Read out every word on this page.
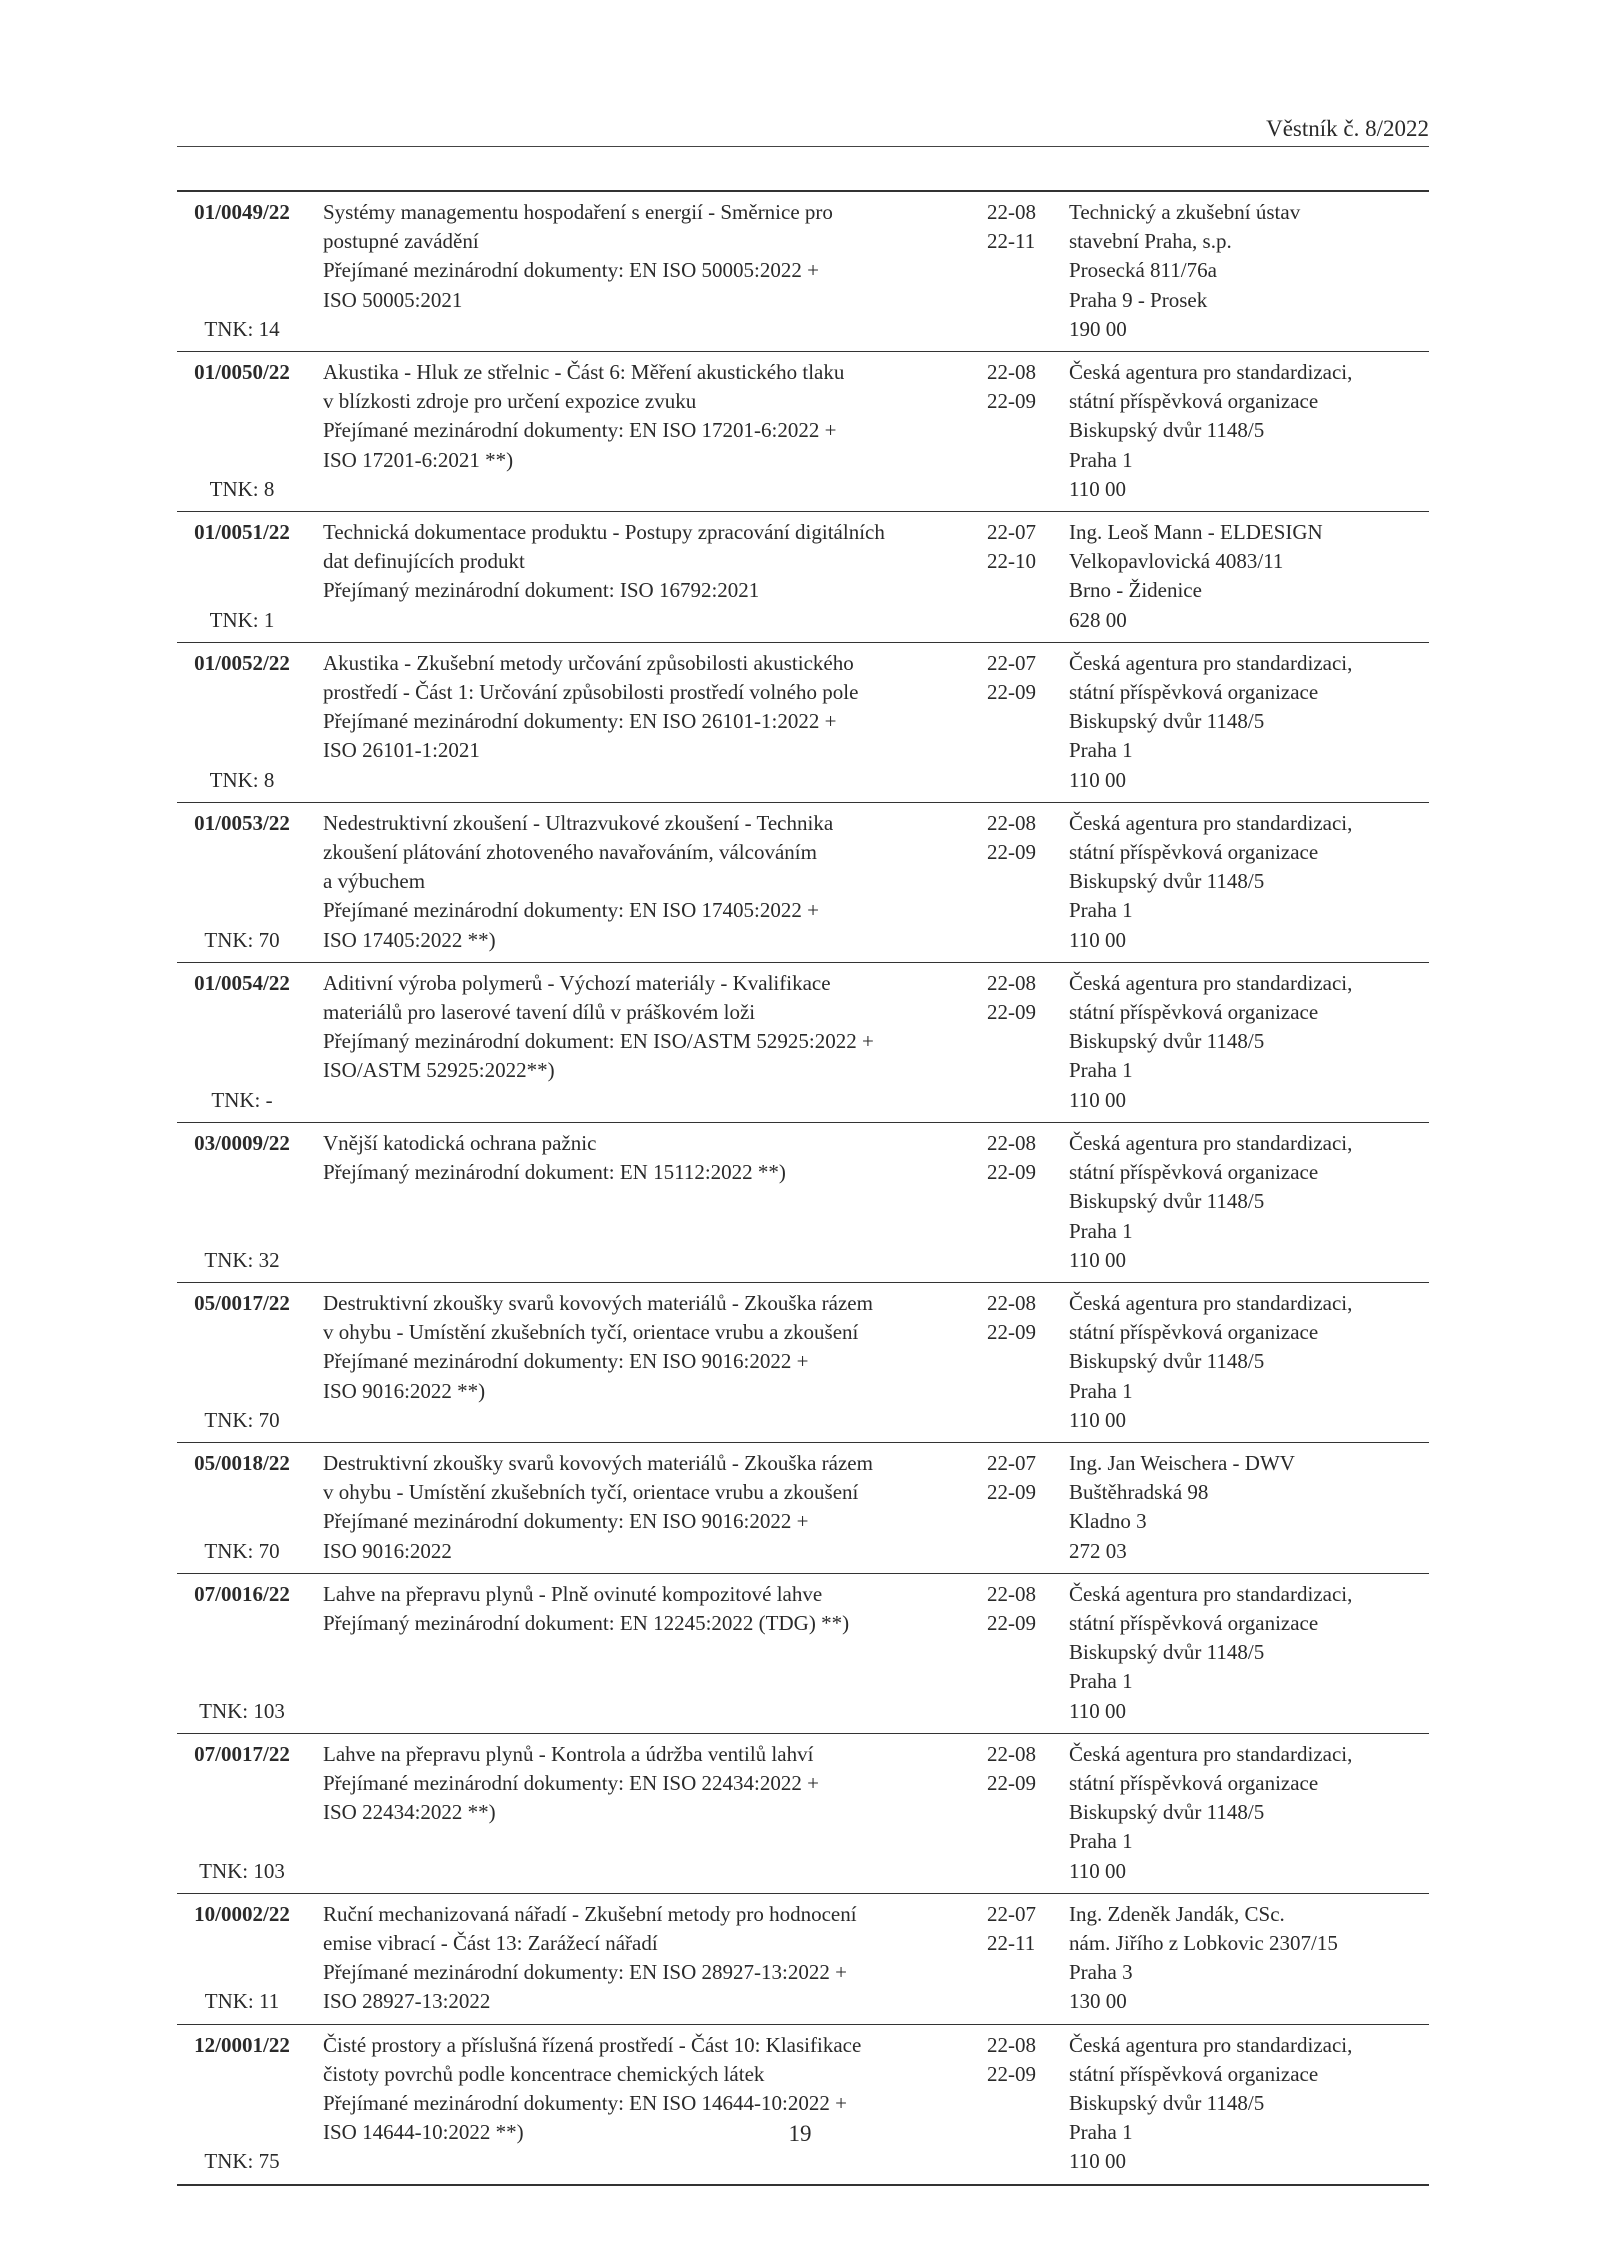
Věstník č. 8/2022
01/0049/22
TNK: 14
Systémy managementu hospodaření s energií - Směrnice pro
postupné zavádění
Přejímané mezinárodní dokumenty: EN ISO 50005:2022 +
ISO 50005:2021
22-08
22-11
Technický a zkušební ústav
stavební Praha, s.p.
Prosecká 811/76a
Praha 9 - Prosek
190 00
01/0050/22
TNK: 8
Akustika - Hluk ze střelnic - Část 6: Měření akustického tlaku
v blízkosti zdroje pro určení expozice zvuku
Přejímané mezinárodní dokumenty: EN ISO 17201-6:2022 +
ISO 17201-6:2021 **)
22-08
22-09
Česká agentura pro standardizaci,
státní příspěvková organizace
Biskupský dvůr 1148/5
Praha 1
110 00
01/0051/22
TNK: 1
Technická dokumentace produktu - Postupy zpracování digitálních
dat definujících produkt
Přejímaný mezinárodní dokument: ISO 16792:2021
22-07
22-10
Ing. Leoš Mann - ELDESIGN
Velkopavlovická 4083/11
Brno - Židenice
628 00
01/0052/22
TNK: 8
Akustika - Zkušební metody určování způsobilosti akustického
prostředí - Část 1: Určování způsobilosti prostředí volného pole
Přejímané mezinárodní dokumenty: EN ISO 26101-1:2022 +
ISO 26101-1:2021
22-07
22-09
Česká agentura pro standardizaci,
státní příspěvková organizace
Biskupský dvůr 1148/5
Praha 1
110 00
01/0053/22
TNK: 70
Nedestruktivní zkoušení - Ultrazvukové zkoušení - Technika
zkoušení plátování zhotoveného navařováním, válcováním
a výbuchem
Přejímané mezinárodní dokumenty: EN ISO 17405:2022 +
ISO 17405:2022 **)
22-08
22-09
Česká agentura pro standardizaci,
státní příspěvková organizace
Biskupský dvůr 1148/5
Praha 1
110 00
01/0054/22
TNK: -
Aditivní výroba polymerů - Výchozí materiály - Kvalifikace
materiálů pro laserové tavení dílů v práškovém loži
Přejímaný mezinárodní dokument: EN ISO/ASTM 52925:2022 +
ISO/ASTM 52925:2022**)
22-08
22-09
Česká agentura pro standardizaci,
státní příspěvková organizace
Biskupský dvůr 1148/5
Praha 1
110 00
03/0009/22
TNK: 32
Vnější katodická ochrana pažnic
Přejímaný mezinárodní dokument: EN 15112:2022 **)
22-08
22-09
Česká agentura pro standardizaci,
státní příspěvková organizace
Biskupský dvůr 1148/5
Praha 1
110 00
05/0017/22
TNK: 70
Destruktivní zkoušky svarů kovových materiálů - Zkouška rázem
v ohybu - Umístění zkušebních tyčí, orientace vrubu a zkoušení
Přejímané mezinárodní dokumenty: EN ISO 9016:2022 +
ISO 9016:2022 **)
22-08
22-09
Česká agentura pro standardizaci,
státní příspěvková organizace
Biskupský dvůr 1148/5
Praha 1
110 00
05/0018/22
TNK: 70
Destruktivní zkoušky svarů kovových materiálů - Zkouška rázem
v ohybu - Umístění zkušebních tyčí, orientace vrubu a zkoušení
Přejímané mezinárodní dokumenty: EN ISO 9016:2022 +
ISO 9016:2022
22-07
22-09
Ing. Jan Weischera - DWV
Buštěhradská 98
Kladno 3
272 03
07/0016/22
TNK: 103
Lahve na přepravu plynů - Plně ovinuté kompozitové lahve
Přejímaný mezinárodní dokument: EN 12245:2022 (TDG) **)
22-08
22-09
Česká agentura pro standardizaci,
státní příspěvková organizace
Biskupský dvůr 1148/5
Praha 1
110 00
07/0017/22
TNK: 103
Lahve na přepravu plynů - Kontrola a údržba ventilů lahví
Přejímané mezinárodní dokumenty: EN ISO 22434:2022 +
ISO 22434:2022 **)
22-08
22-09
Česká agentura pro standardizaci,
státní příspěvková organizace
Biskupský dvůr 1148/5
Praha 1
110 00
10/0002/22
TNK: 11
Ruční mechanizovaná nářadí - Zkušební metody pro hodnocení
emise vibrací - Část 13: Zarážecí nářadí
Přejímané mezinárodní dokumenty: EN ISO 28927-13:2022 +
ISO 28927-13:2022
22-07
22-11
Ing. Zdeněk Jandák, CSc.
nám. Jiřího z Lobkovic 2307/15
Praha 3
130 00
12/0001/22
TNK: 75
Čisté prostory a příslušná řízená prostředí - Část 10: Klasifikace
čistoty povrchů podle koncentrace chemických látek
Přejímané mezinárodní dokumenty: EN ISO 14644-10:2022 +
ISO 14644-10:2022 **)
22-08
22-09
Česká agentura pro standardizaci,
státní příspěvková organizace
Biskupský dvůr 1148/5
Praha 1
110 00
19
